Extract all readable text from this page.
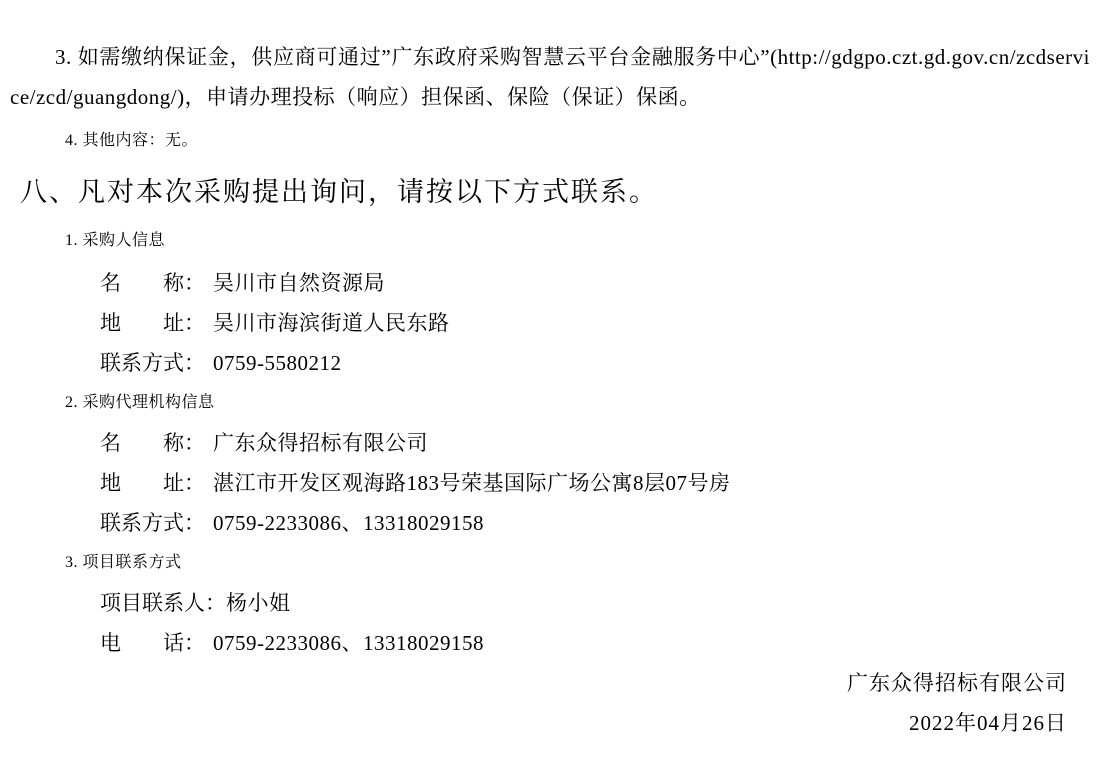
3. 如需缴纳保证金，供应商可通过”广东政府采购智慧云平台金融服务中心”(http://gdgpo.czt.gd.gov.cn/zcdservice/zcd/guangdong/)，申请办理投标（响应）担保函、保险（保证）保函。

4. 其他内容：无。
八、凡对本次采购提出询问，请按以下方式联系。
1. 采购人信息
名　　称： 吴川市自然资源局
地　　址： 吴川市海滨街道人民东路
联系方式： 0759-5580212
2. 采购代理机构信息
名　　称： 广东众得招标有限公司
地　　址： 湛江市开发区观海路183号荣基国际广场公寓8层07号房
联系方式： 0759-2233086、13318029158
3. 项目联系方式
项目联系人：杨小姐
电　　话： 0759-2233086、13318029158
广东众得招标有限公司
2022年04月26日
